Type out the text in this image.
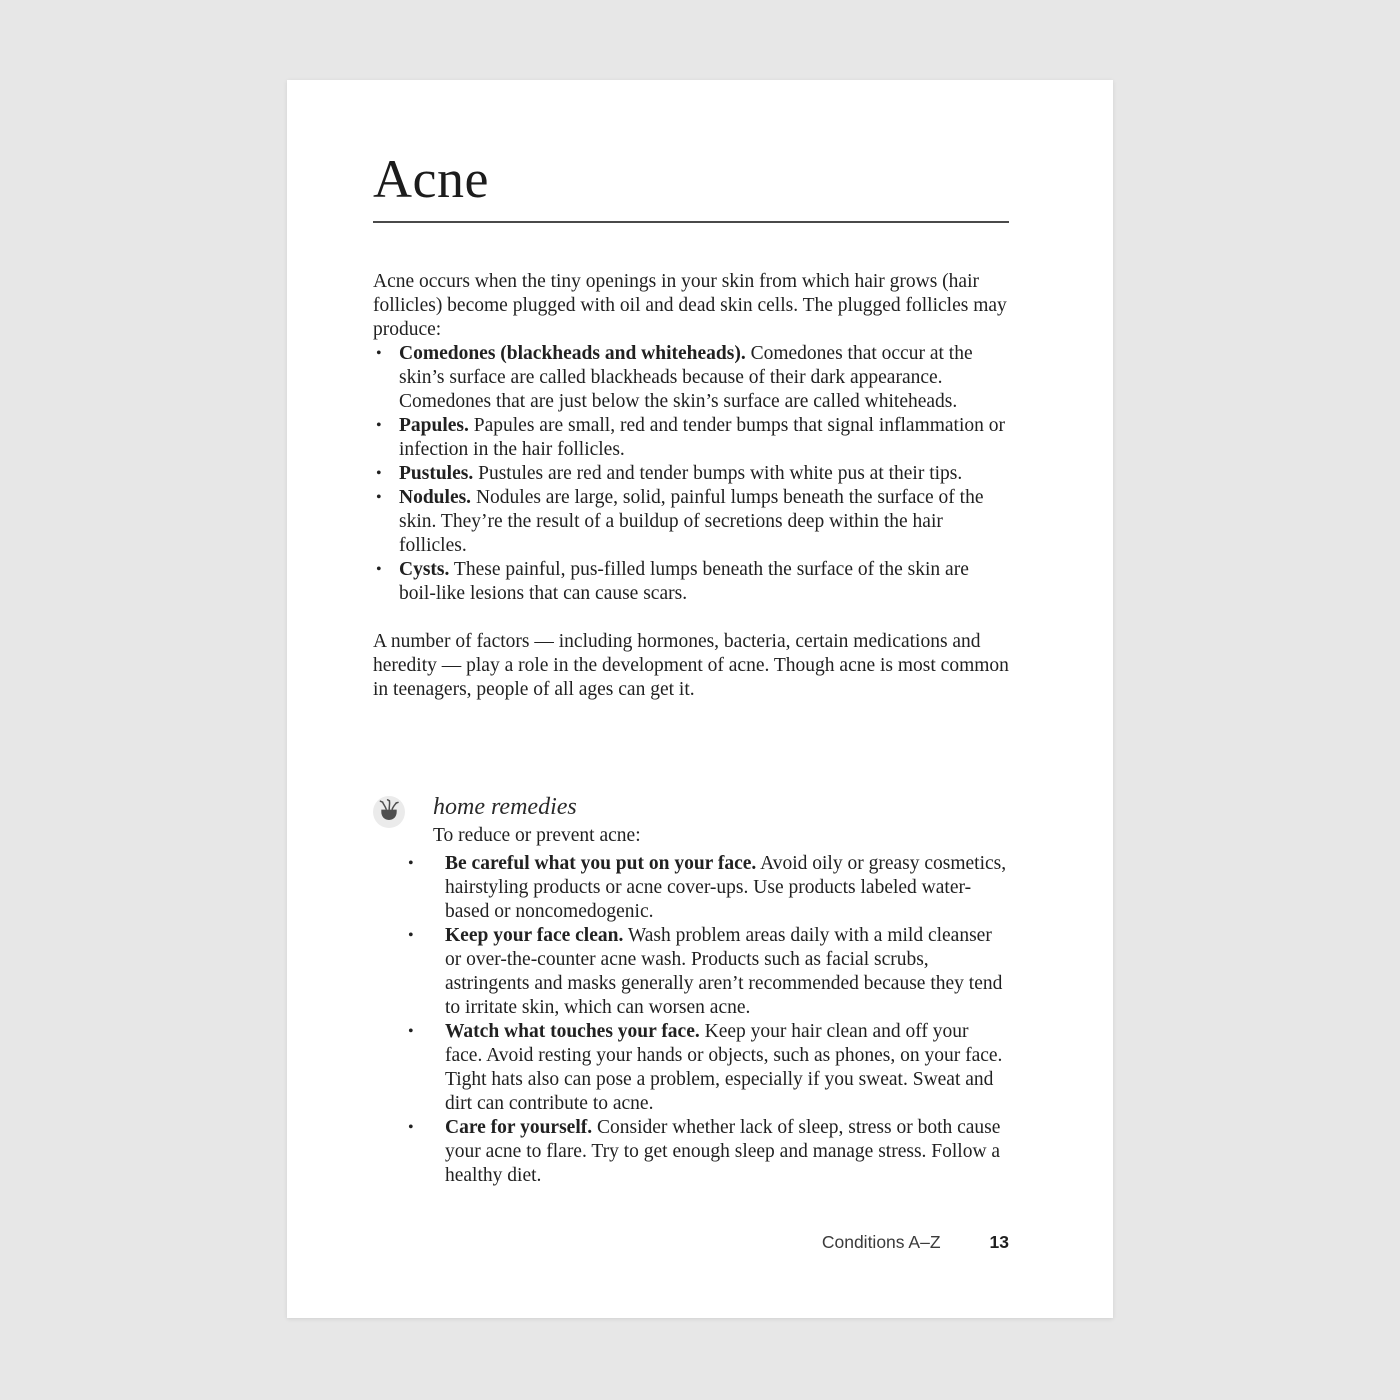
Acne

Acne occurs when the tiny openings in your skin from which hair grows (hair follicles) become plugged with oil and dead skin cells. The plugged follicles may produce:

• Comedones (blackheads and whiteheads). Comedones that occur at the skin’s surface are called blackheads because of their dark appearance. Comedones that are just below the skin’s surface are called whiteheads.
• Papules. Papules are small, red and tender bumps that signal inflammation or infection in the hair follicles.
• Pustules. Pustules are red and tender bumps with white pus at their tips.
• Nodules. Nodules are large, solid, painful lumps beneath the surface of the skin. They’re the result of a buildup of secretions deep within the hair follicles.
• Cysts. These painful, pus-filled lumps beneath the surface of the skin are boil-like lesions that can cause scars.

A number of factors — including hormones, bacteria, certain medications and heredity — play a role in the development of acne. Though acne is most common in teenagers, people of all ages can get it.

home remedies

To reduce or prevent acne:

• Be careful what you put on your face. Avoid oily or greasy cosmetics, hairstyling products or acne cover-ups. Use products labeled water-based or noncomedogenic.
• Keep your face clean. Wash problem areas daily with a mild cleanser or over-the-counter acne wash. Products such as facial scrubs, astringents and masks generally aren’t recommended because they tend to irritate skin, which can worsen acne.
• Watch what touches your face. Keep your hair clean and off your face. Avoid resting your hands or objects, such as phones, on your face. Tight hats also can pose a problem, especially if you sweat. Sweat and dirt can contribute to acne.
• Care for yourself. Consider whether lack of sleep, stress or both cause your acne to flare. Try to get enough sleep and manage stress. Follow a healthy diet.
Conditions A–Z	13
